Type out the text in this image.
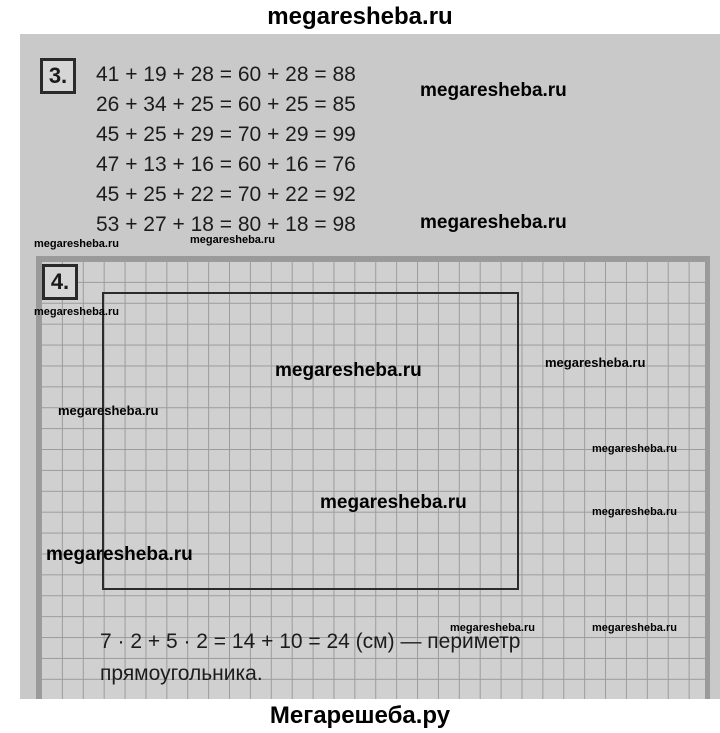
megaresheba.ru
3.	41 + 19 + 28 = 60 + 28 = 88
26 + 34 + 25 = 60 + 25 = 85
45 + 25 + 29 = 70 + 29 = 99
47 + 13 + 16 = 60 + 16 = 76
45 + 25 + 22 = 70 + 22 = 92
53 + 27 + 18 = 80 + 18 = 98
4.
7 · 2 + 5 · 2 = 14 + 10 = 24 (см) — периметр прямоугольника.
megaresheba.ru
megaresheba.ru
megaresheba.ru	megaresheba.ru
megaresheba.ru
megaresheba.ru	megaresheba.ru
megaresheba.ru
megaresheba.ru
megaresheba.ru	megaresheba.ru
megaresheba.ru
megaresheba.ru	megaresheba.ru
Мегарешеба.ру
